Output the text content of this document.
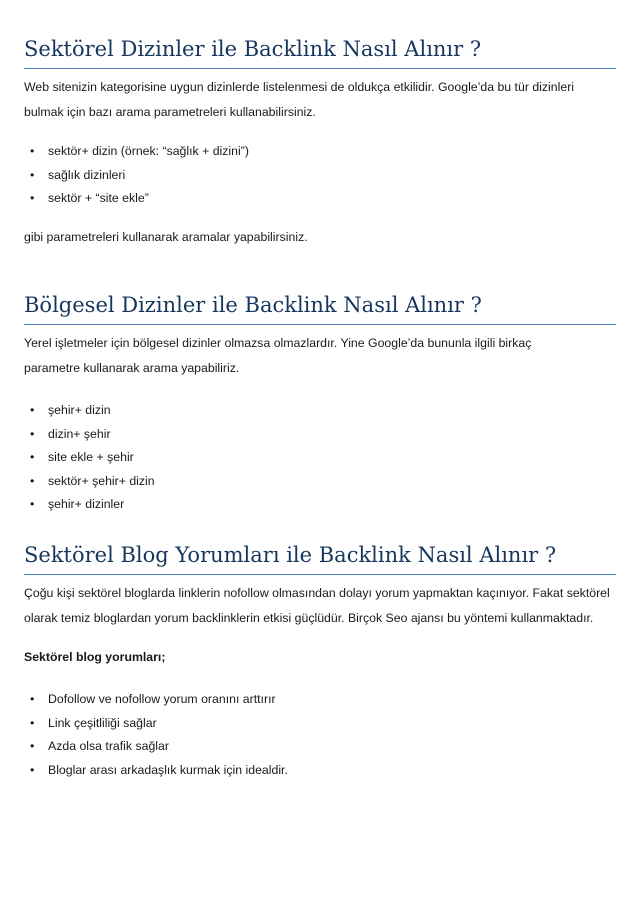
Sektörel Dizinler ile Backlink Nasıl Alınır ?

Web sitenizin kategorisine uygun dizinlerde listelenmesi de oldukça etkilidir. Google’da bu tür dizinleri bulmak için bazı arama parametreleri kullanabilirsiniz.

• sektör+ dizin (örnek: “sağlık + dizini”)
• sağlık dizinleri
• sektör + “site ekle”

gibi parametreleri kullanarak aramalar yapabilirsiniz.

Bölgesel Dizinler ile Backlink Nasıl Alınır ?

Yerel işletmeler için bölgesel dizinler olmazsa olmazlardır. Yine Google’da bununla ilgili birkaç parametre kullanarak arama yapabiliriz.

• şehir+ dizin
• dizin+ şehir
• site ekle + şehir
• sektör+ şehir+ dizin
• şehir+ dizinler
Sektörel Blog Yorumları ile Backlink Nasıl Alınır ?

Çoğu kişi sektörel bloglarda linklerin nofollow olmasından dolayı yorum yapmaktan kaçınıyor. Fakat sektörel olarak temiz bloglardan yorum backlinklerin etkisi güçlüdür. Birçok Seo ajansı bu yöntemi kullanmaktadır.

Sektörel blog yorumları;

• Dofollow ve nofollow yorum oranını arttırır
• Link çeşitliliği sağlar
• Azda olsa trafik sağlar
• Bloglar arası arkadaşlık kurmak için idealdir.
